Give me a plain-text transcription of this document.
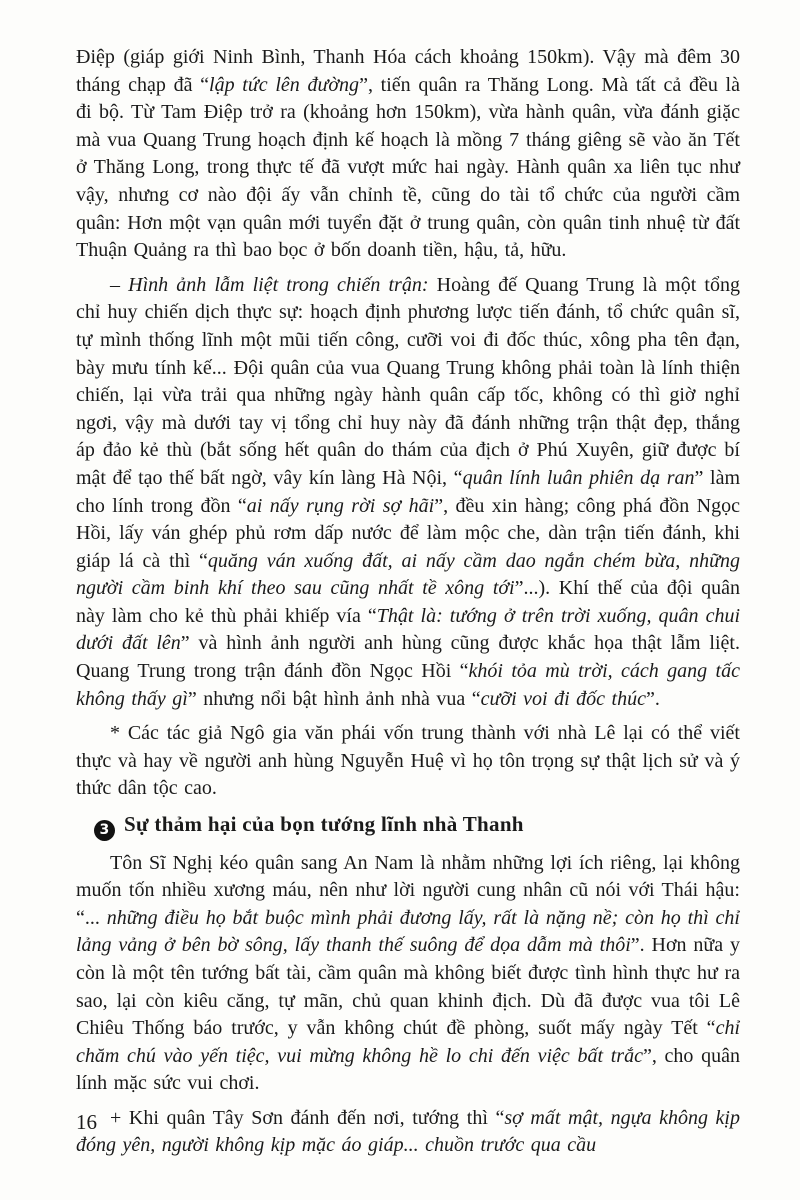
Điệp (giáp giới Ninh Bình, Thanh Hóa cách khoảng 150km). Vậy mà đêm 30 tháng chạp đã “lập tức lên đường”, tiến quân ra Thăng Long. Mà tất cả đều là đi bộ. Từ Tam Điệp trở ra (khoảng hơn 150km), vừa hành quân, vừa đánh giặc mà vua Quang Trung hoạch định kế hoạch là mồng 7 tháng giêng sẽ vào ăn Tết ở Thăng Long, trong thực tế đã vượt mức hai ngày. Hành quân xa liên tục như vậy, nhưng cơ nào đội ấy vẫn chỉnh tề, cũng do tài tổ chức của người cầm quân: Hơn một vạn quân mới tuyển đặt ở trung quân, còn quân tinh nhuệ từ đất Thuận Quảng ra thì bao bọc ở bốn doanh tiền, hậu, tả, hữu.

– Hình ảnh lẫm liệt trong chiến trận: Hoàng đế Quang Trung là một tổng chỉ huy chiến dịch thực sự: hoạch định phương lược tiến đánh, tổ chức quân sĩ, tự mình thống lĩnh một mũi tiến công, cưỡi voi đi đốc thúc, xông pha tên đạn, bày mưu tính kế... Đội quân của vua Quang Trung không phải toàn là lính thiện chiến, lại vừa trải qua những ngày hành quân cấp tốc, không có thì giờ nghỉ ngơi, vậy mà dưới tay vị tổng chỉ huy này đã đánh những trận thật đẹp, thắng áp đảo kẻ thù (bắt sống hết quân do thám của địch ở Phú Xuyên, giữ được bí mật để tạo thế bất ngờ, vây kín làng Hà Nội, “quân lính luân phiên dạ ran” làm cho lính trong đồn “ai nấy rụng rời sợ hãi”, đều xin hàng; công phá đồn Ngọc Hồi, lấy ván ghép phủ rơm dấp nước để làm mộc che, dàn trận tiến đánh, khi giáp lá cà thì “quăng ván xuống đất, ai nấy cầm dao ngắn chém bừa, những người cầm binh khí theo sau cũng nhất tề xông tới”...). Khí thế của đội quân này làm cho kẻ thù phải khiếp vía “Thật là: tướng ở trên trời xuống, quân chui dưới đất lên” và hình ảnh người anh hùng cũng được khắc họa thật lẫm liệt. Quang Trung trong trận đánh đồn Ngọc Hồi “khói tỏa mù trời, cách gang tấc không thấy gì” nhưng nổi bật hình ảnh nhà vua “cưỡi voi đi đốc thúc”.

* Các tác giả Ngô gia văn phái vốn trung thành với nhà Lê lại có thể viết thực và hay về người anh hùng Nguyễn Huệ vì họ tôn trọng sự thật lịch sử và ý thức dân tộc cao.

3 Sự thảm hại của bọn tướng lĩnh nhà Thanh

Tôn Sĩ Nghị kéo quân sang An Nam là nhằm những lợi ích riêng, lại không muốn tốn nhiều xương máu, nên như lời người cung nhân cũ nói với Thái hậu: “... những điều họ bắt buộc mình phải đương lấy, rất là nặng nề; còn họ thì chỉ lảng vảng ở bên bờ sông, lấy thanh thế suông để dọa dẫm mà thôi”. Hơn nữa y còn là một tên tướng bất tài, cầm quân mà không biết được tình hình thực hư ra sao, lại còn kiêu căng, tự mãn, chủ quan khinh địch. Dù đã được vua tôi Lê Chiêu Thống báo trước, y vẫn không chút đề phòng, suốt mấy ngày Tết “chỉ chăm chú vào yến tiệc, vui mừng không hề lo chi đến việc bất trắc”, cho quân lính mặc sức vui chơi.

+ Khi quân Tây Sơn đánh đến nơi, tướng thì “sợ mất mật, ngựa không kịp đóng yên, người không kịp mặc áo giáp... chuồn trước qua cầu

16
